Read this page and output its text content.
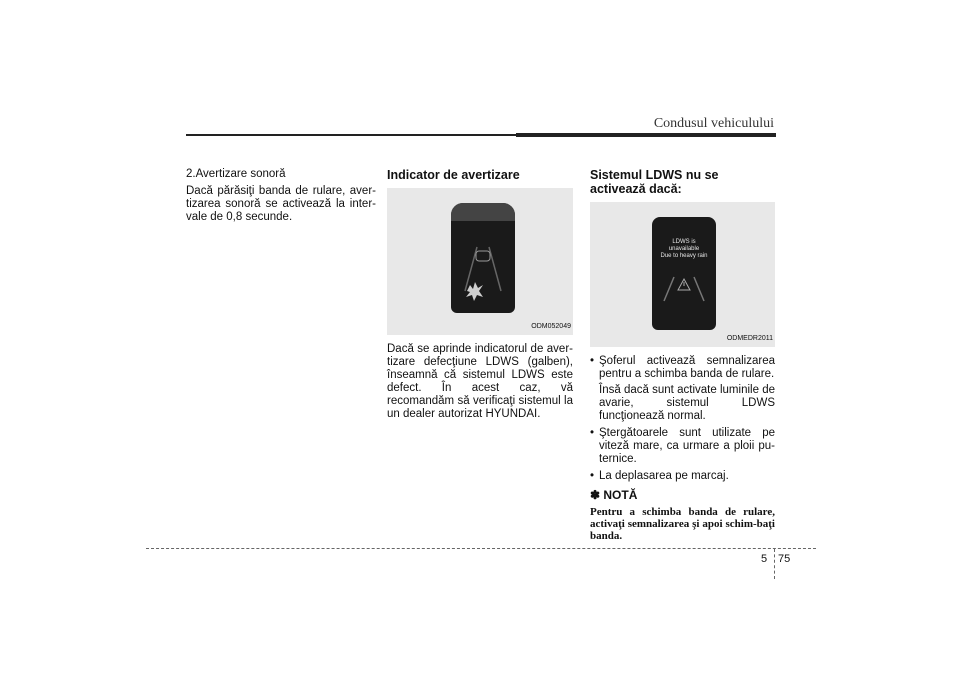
Condusul vehiculului

2.Avertizare sonoră

Dacă părăsiţi banda de rulare, aver-tizarea sonoră se activează la inter-vale de 0,8 secunde.

Indicator de avertizare
ODM052049

Dacă se aprinde indicatorul de aver-tizare defecţiune LDWS (galben), înseamnă că sistemul LDWS este defect. În acest caz, vă recomandăm să verificaţi sistemul la un dealer autorizat HYUNDAI.

Sistemul LDWS nu se activează dacă:
LDWS is
unavailable
Due to heavy rain
ODMEDR2011
• Şoferul activează semnalizarea pentru a schimba banda de rulare.
Însă dacă sunt activate luminile de avarie, sistemul LDWS funcţionează normal.
• Ştergătoarele sunt utilizate pe viteză mare, ca urmare a ploii pu-ternice.
• La deplasarea pe marcaj.
✽ NOTĂ

Pentru a schimba banda de rulare, activaţi semnalizarea şi apoi schim-baţi banda.

5 75
